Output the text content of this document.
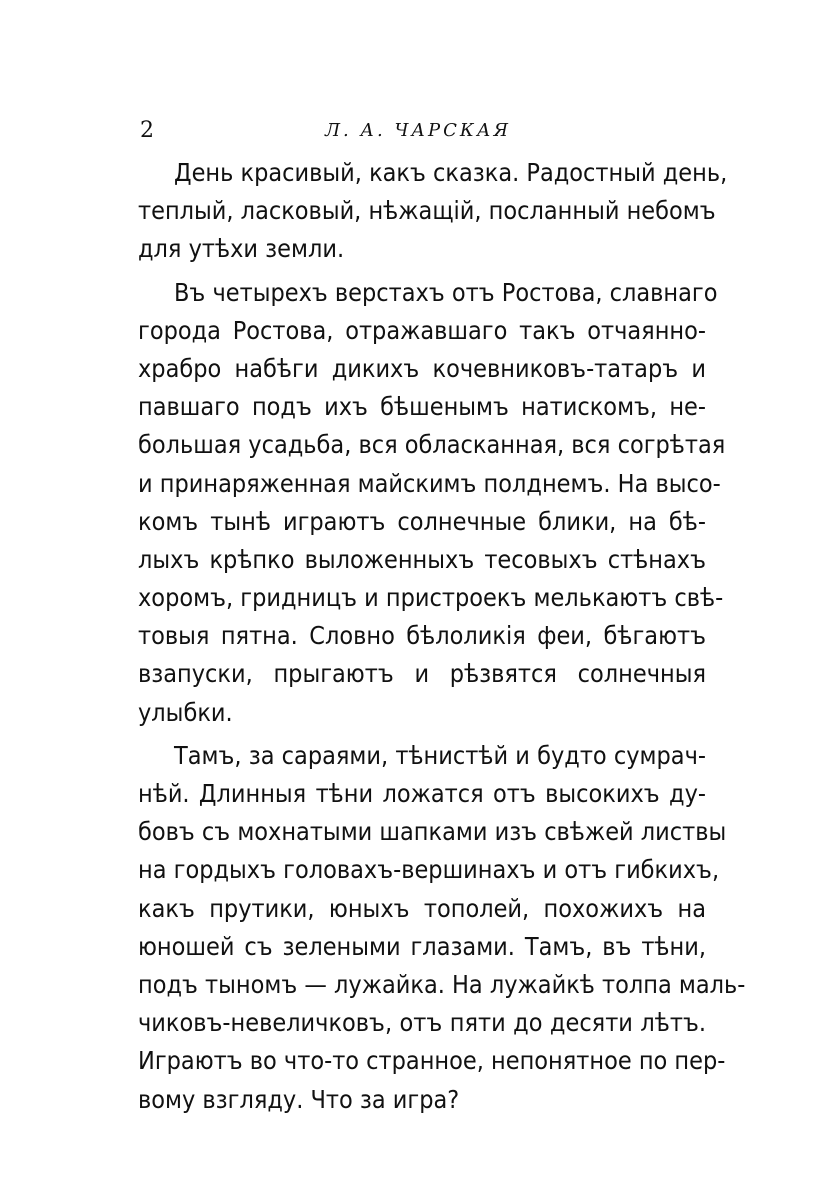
2	Л. А. ЧАРСКАЯ
День красивый, какъ сказка. Радостный день,
теплый, ласковый, нѣжащій, посланный небомъ
для утѣхи земли.
Въ четырехъ верстахъ отъ Ростова, славнаго
города Ростова, отражавшаго такъ отчаянно-
храбро набѣги дикихъ кочевниковъ-татаръ и
павшаго подъ ихъ бѣшенымъ натискомъ, не-
большая усадьба, вся обласканная, вся согрѣтая
и принаряженная майскимъ полднемъ. На высо-
комъ тынѣ играютъ солнечные блики, на бѣ-
лыхъ крѣпко выложенныхъ тесовыхъ стѣнахъ
хоромъ, гридницъ и пристроекъ мелькаютъ свѣ-
товыя пятна. Словно бѣлоликія феи, бѣгаютъ
взапуски, прыгаютъ и рѣзвятся солнечныя
улыбки.
Тамъ, за сараями, тѣнистѣй и будто сумрач-
нѣй. Длинныя тѣни ложатся отъ высокихъ ду-
бовъ съ мохнатыми шапками изъ свѣжей листвы
на гордыхъ головахъ-вершинахъ и отъ гибкихъ,
какъ прутики, юныхъ тополей, похожихъ на
юношей съ зелеными глазами. Тамъ, въ тѣни,
подъ тыномъ — лужайка. На лужайкѣ толпа маль-
чиковъ-невеличковъ, отъ пяти до десяти лѣтъ.
Играютъ во что-то странное, непонятное по пер-
вому взгляду. Что за игра?
